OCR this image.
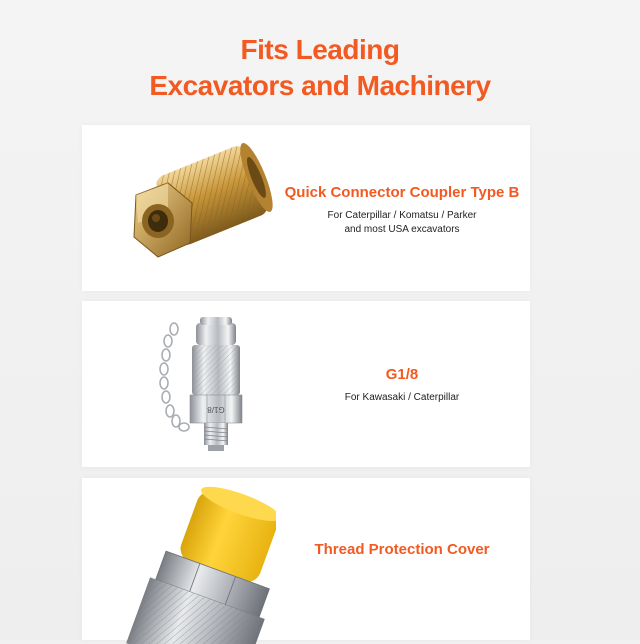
Fits Leading
Excavators and Machinery
Quick Connector Coupler Type B
For Caterpillar / Komatsu / Parker
and most USA excavators
G1/8
G1/8
For Kawasaki / Caterpillar
Thread Protection Cover
